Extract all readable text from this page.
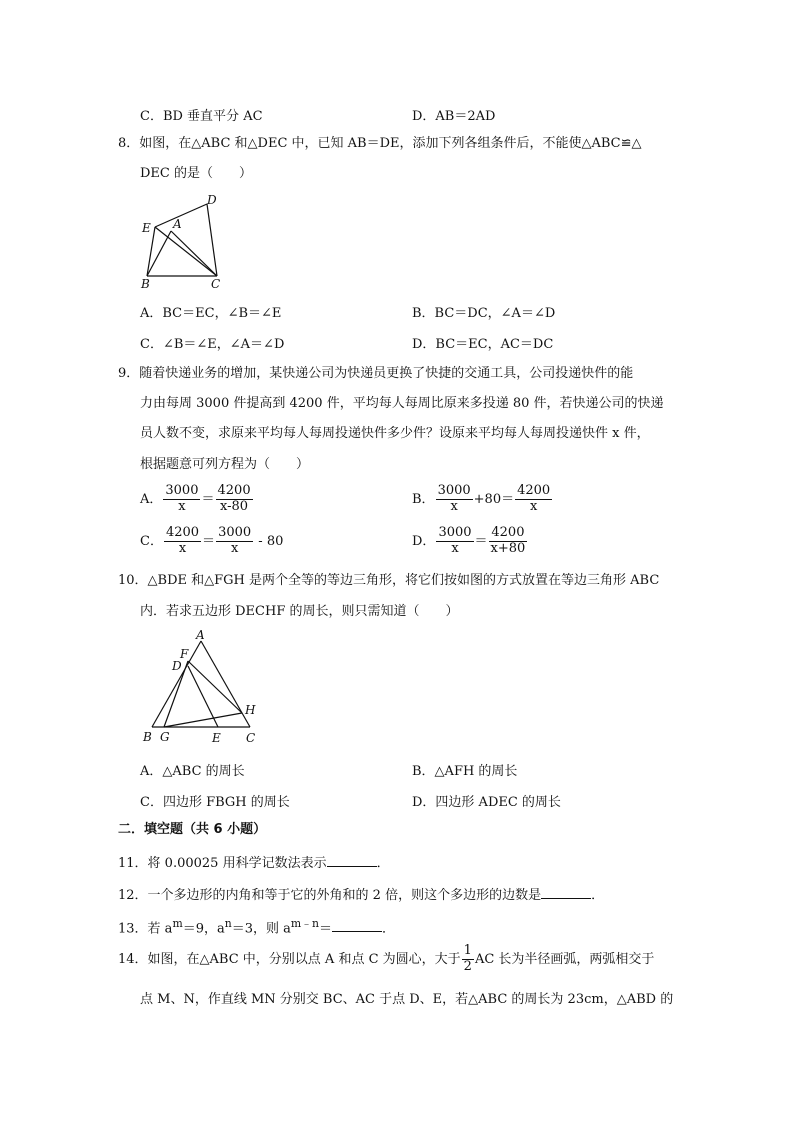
C．BD 垂直平分 AC	D．AB＝2AD
8．如图，在△ABC 和△DEC 中，已知 AB＝DE，添加下列各组条件后，不能使△ABC≌△
DEC 的是（　　）
D
E A
B	C
A．BC＝EC，∠B＝∠E	B．BC＝DC，∠A＝∠D
C．∠B＝∠E，∠A＝∠D	D．BC＝EC，AC＝DC
9．随着快递业务的增加，某快递公司为快递员更换了快捷的交通工具，公司投递快件的能
力由每周 3000 件提高到 4200 件，平均每人每周比原来多投递 80 件，若快递公司的快递
员人数不变，求原来平均每人每周投递快件多少件？设原来平均每人每周投递快件 x 件，
根据题意可列方程为（　　）
A． $\frac{3000}{x} = \frac{4200}{x-80}$	B． $\frac{3000}{x} +80= \frac{4200}{x}$
C． $\frac{4200}{x} = \frac{3000}{x} - 80$	D． $\frac{3000}{x} = \frac{4200}{x+80}$
10．△BDE 和△FGH 是两个全等的等边三角形，将它们按如图的方式放置在等边三角形 ABC
内．若求五边形 DECHF 的周长，则只需知道（　　）
A
F
D
H
B G	E C
A．△ABC 的周长	B．△AFH 的周长
C．四边形 FBGH 的周长	D．四边形 ADEC 的周长
二．填空题（共 6 小题）
11．将 0.00025 用科学记数法表示	．
12．一个多边形的内角和等于它的外角和的 2 倍，则这个多边形的边数是	．
13．若 $a^m=9$，$a^n=3$，则 $a^{m﹣n}=$	．
14．如图，在△ABC 中，分别以点 A 和点 C 为圆心，大于 $\frac{1}{2}$ AC 长为半径画弧，两弧相交于
点 M、N，作直线 MN 分别交 BC、AC 于点 D、E，若△ABC 的周长为 23cm，△ABD 的
